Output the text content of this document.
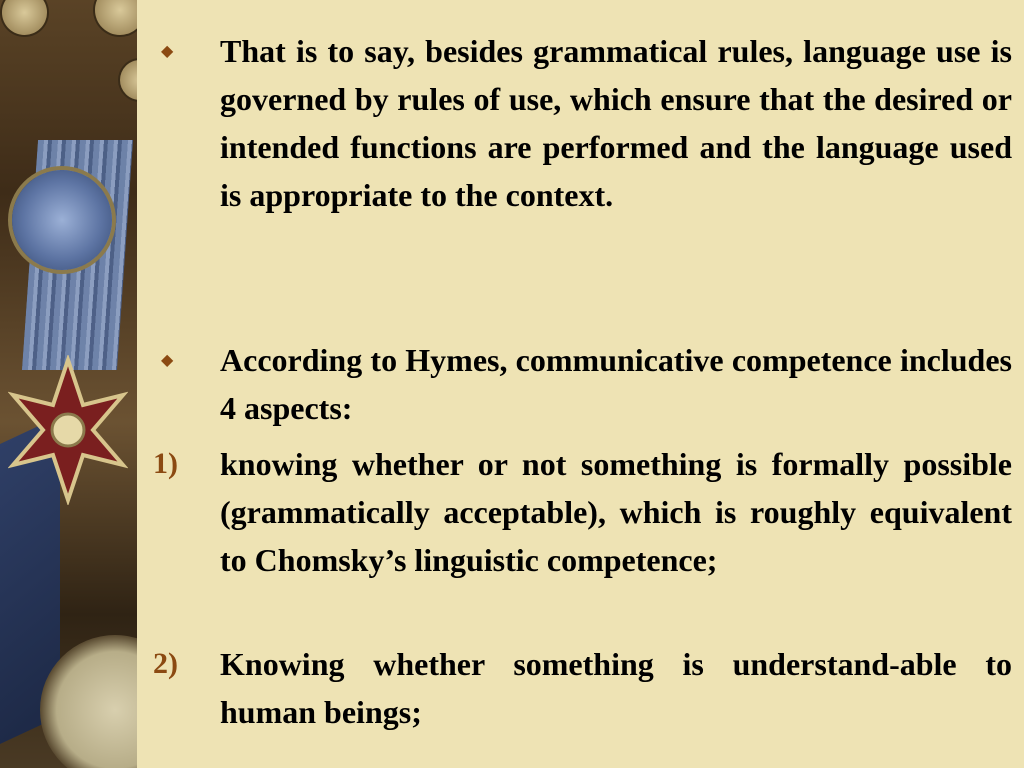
◆ That is to say, besides grammatical rules, language use is governed by rules of use, which ensure that the desired or intended functions are performed and the language used is appropriate to the context.
◆ According to Hymes, communicative competence includes 4 aspects:
1) knowing whether or not something is formally possible (grammatically acceptable), which is roughly equivalent to Chomsky’s linguistic competence;
2) Knowing whether something is understand-able to human beings;
